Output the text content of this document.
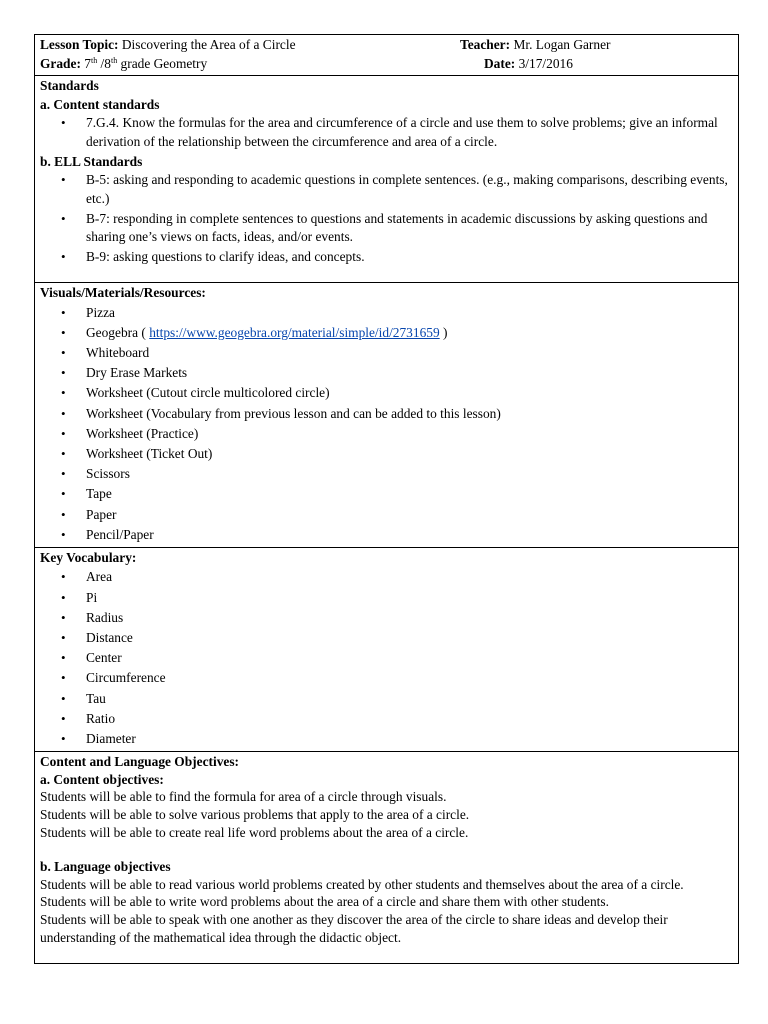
Lesson Topic: Discovering the Area of a Circle	Teacher: Mr. Logan Garner
Grade: 7th /8th grade Geometry	Date: 3/17/2016
Standards
a. Content standards
• 7.G.4. Know the formulas for the area and circumference of a circle and use them to solve problems; give an informal derivation of the relationship between the circumference and area of a circle.
b. ELL Standards
• B-5: asking and responding to academic questions in complete sentences. (e.g., making comparisons, describing events, etc.)
• B-7: responding in complete sentences to questions and statements in academic discussions by asking questions and sharing one’s views on facts, ideas, and/or events.
• B-9: asking questions to clarify ideas, and concepts.
Visuals/Materials/Resources:
• Pizza
• Geogebra ( https://www.geogebra.org/material/simple/id/2731659 )
• Whiteboard
• Dry Erase Markets
• Worksheet (Cutout circle multicolored circle)
• Worksheet (Vocabulary from previous lesson and can be added to this lesson)
• Worksheet (Practice)
• Worksheet (Ticket Out)
• Scissors
• Tape
• Paper
• Pencil/Paper
Key Vocabulary:
• Area
• Pi
• Radius
• Distance
• Center
• Circumference
• Tau
• Ratio
• Diameter
Content and Language Objectives:
a. Content objectives:
Students will be able to find the formula for area of a circle through visuals.
Students will be able to solve various problems that apply to the area of a circle.
Students will be able to create real life word problems about the area of a circle.
b. Language objectives
Students will be able to read various world problems created by other students and themselves about the area of a circle.
Students will be able to write word problems about the area of a circle and share them with other students.
Students will be able to speak with one another as they discover the area of the circle to share ideas and develop their understanding of the mathematical idea through the didactic object.
